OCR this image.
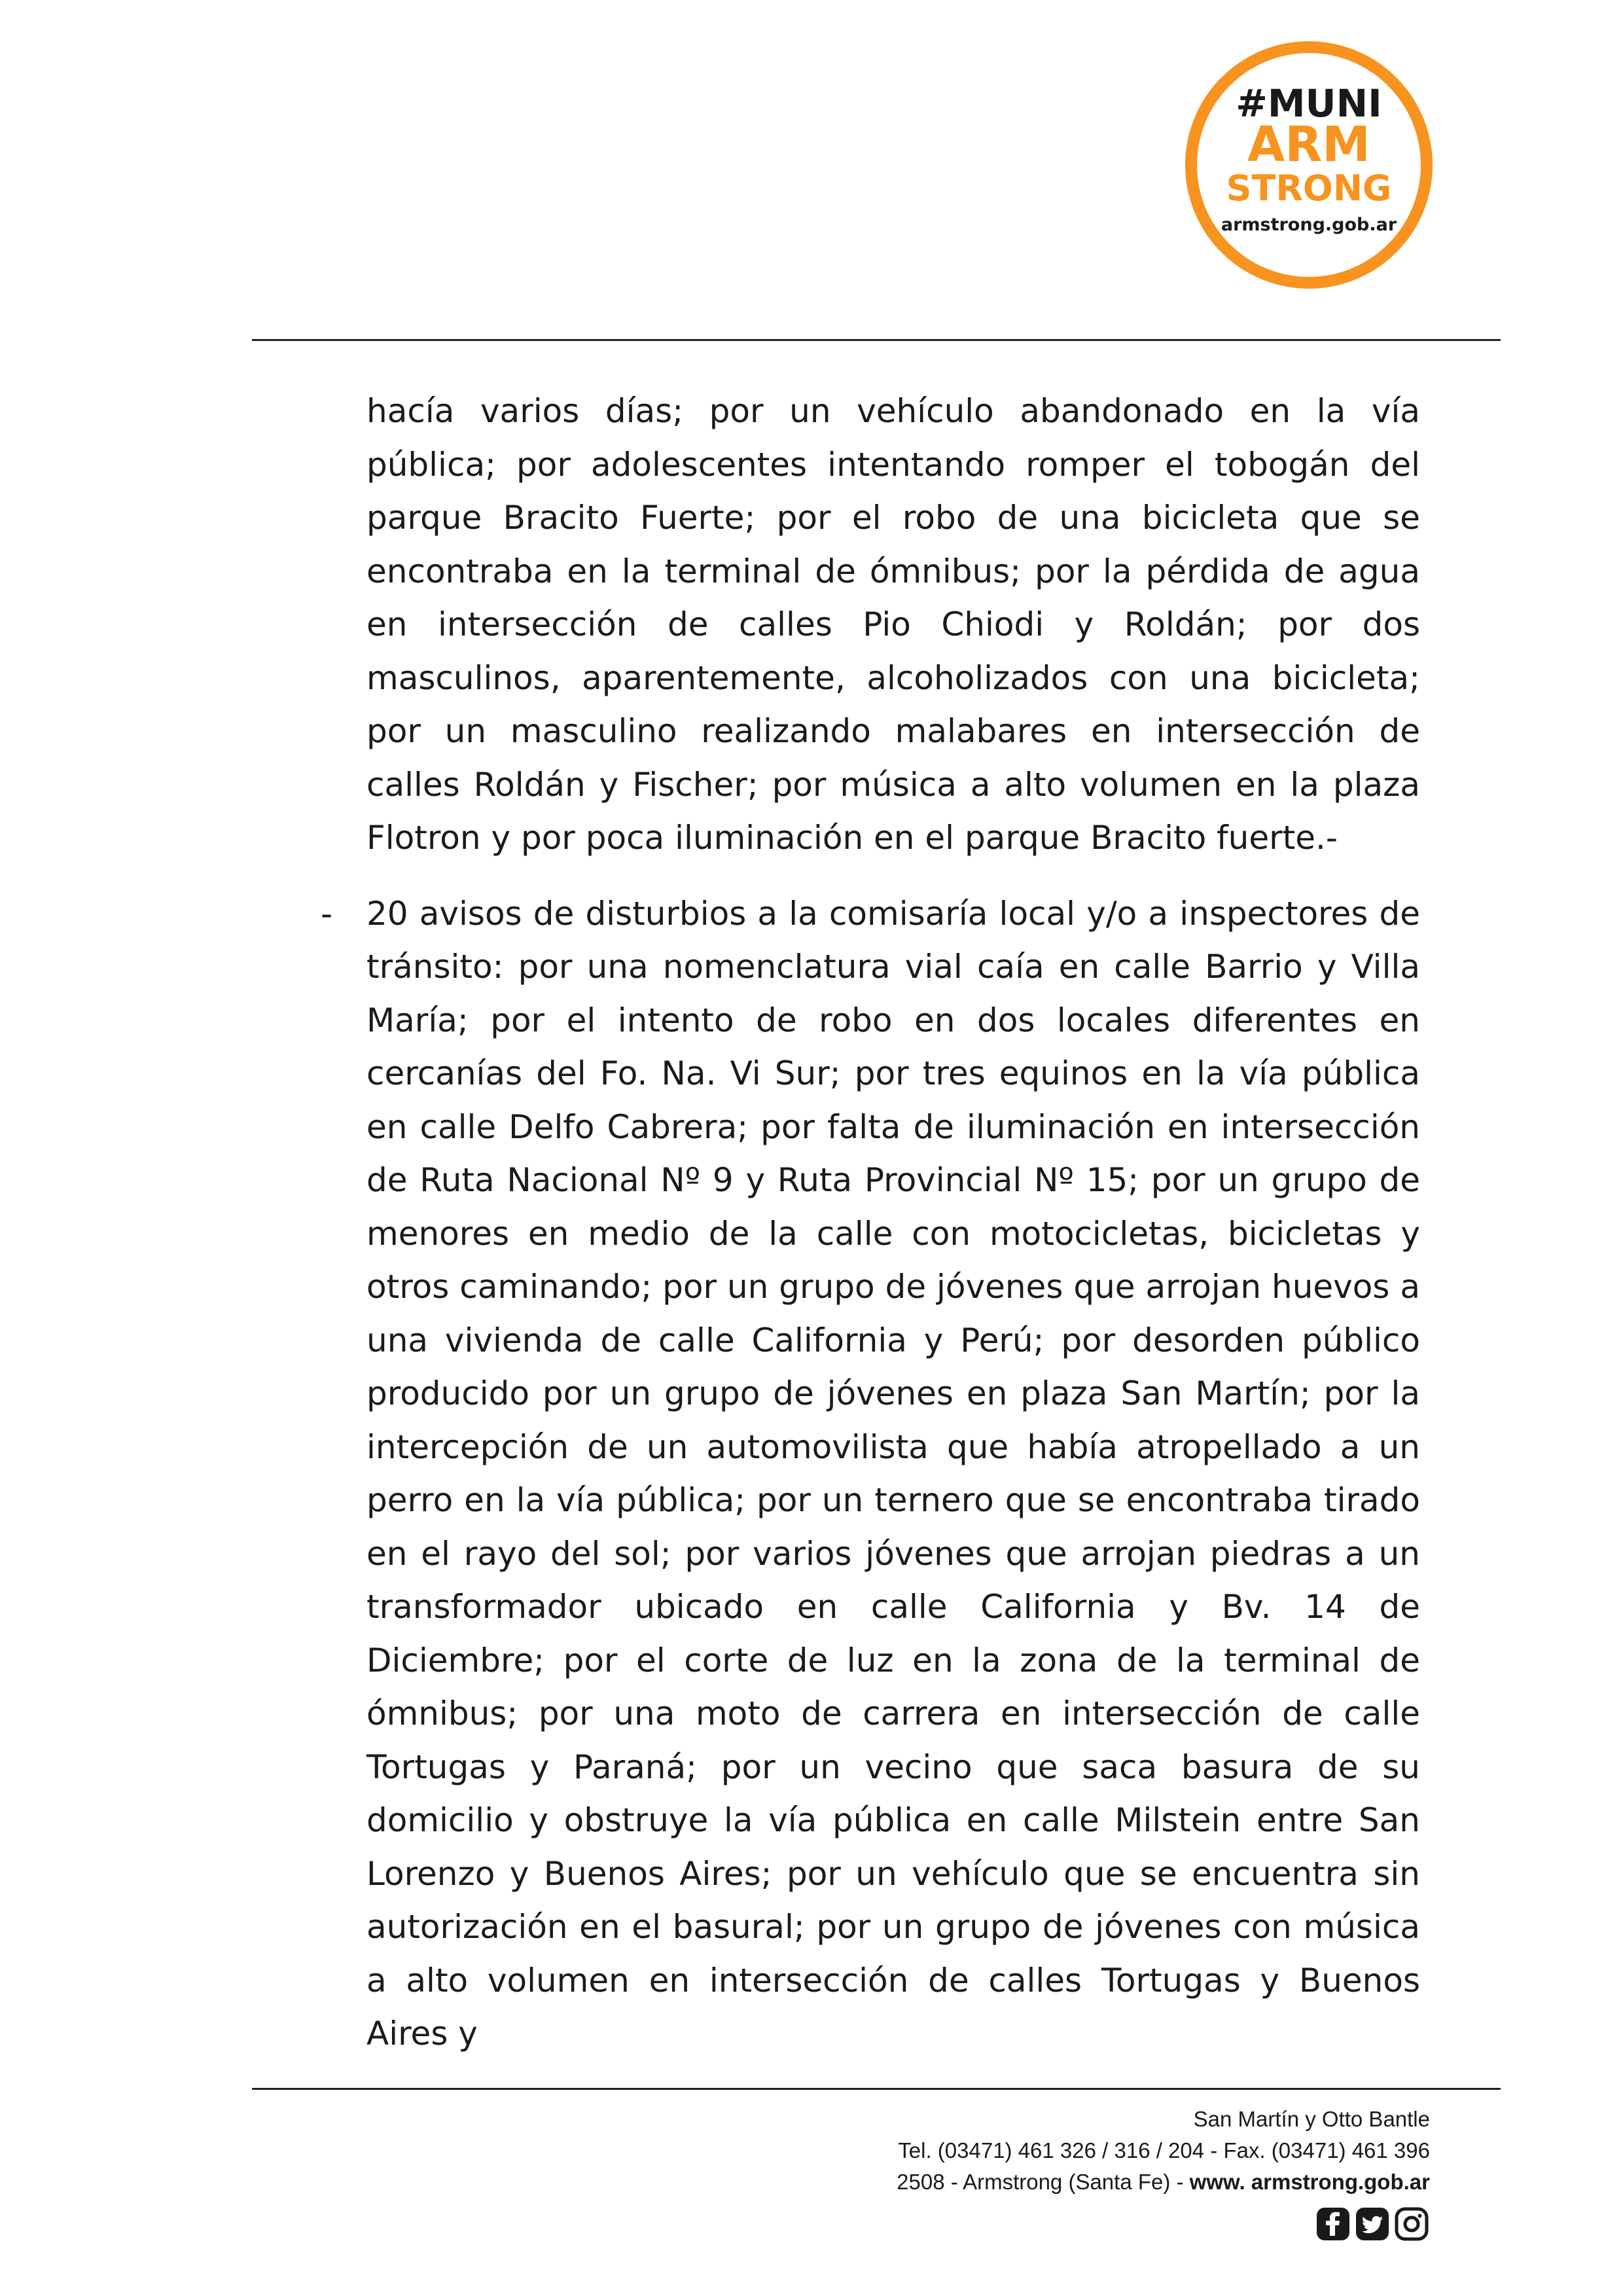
#MUNI
ARM
STRONG
armstrong.gob.ar

hacía varios días; por un vehículo abandonado en la vía pública; por adolescentes intentando romper el tobogán del parque Bracito Fuerte; por el robo de una bicicleta que se encontraba en la terminal de ómnibus; por la pérdida de agua en intersección de calles Pio Chiodi y Roldán; por dos masculinos, aparentemente, alcoholizados con una bicicleta; por un masculino realizando malabares en intersección de calles Roldán y Fischer; por música a alto volumen en la plaza Flotron y por poca iluminación en el parque Bracito fuerte.-

- 20 avisos de disturbios a la comisaría local y/o a inspectores de tránsito: por una nomenclatura vial caía en calle Barrio y Villa María; por el intento de robo en dos locales diferentes en cercanías del Fo. Na. Vi Sur; por tres equinos en la vía pública en calle Delfo Cabrera; por falta de iluminación en intersección de Ruta Nacional Nº 9 y Ruta Provincial Nº 15; por un grupo de menores en medio de la calle con motocicletas, bicicletas y otros caminando; por un grupo de jóvenes que arrojan huevos a una vivienda de calle California y Perú; por desorden público producido por un grupo de jóvenes en plaza San Martín; por la intercepción de un automovilista que había atropellado a un perro en la vía pública; por un ternero que se encontraba tirado en el rayo del sol; por varios jóvenes que arrojan piedras a un transformador ubicado en calle California y Bv. 14 de Diciembre; por el corte de luz en la zona de la terminal de ómnibus; por una moto de carrera en intersección de calle Tortugas y Paraná; por un vecino que saca basura de su domicilio y obstruye la vía pública en calle Milstein entre San Lorenzo y Buenos Aires; por un vehículo que se encuentra sin autorización en el basural; por un grupo de jóvenes con música a alto volumen en intersección de calles Tortugas y Buenos Aires y

San Martín y Otto Bantle
Tel. (03471) 461 326 / 316 / 204 - Fax. (03471) 461 396
2508 - Armstrong (Santa Fe) - www. armstrong.gob.ar
